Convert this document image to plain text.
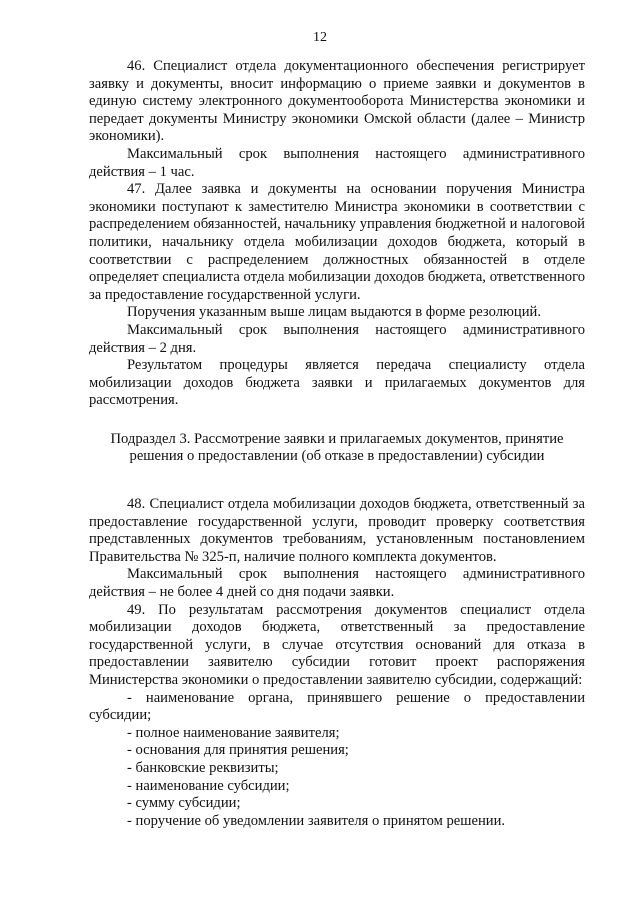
12

46. Специалист отдела документационного обеспечения регистрирует заявку и документы, вносит информацию о приеме заявки и документов в единую систему электронного документооборота Министерства экономики и передает документы Министру экономики Омской области (далее – Министр экономики).

Максимальный срок выполнения настоящего административного действия – 1 час.

47. Далее заявка и документы на основании поручения Министра экономики поступают к заместителю Министра экономики в соответствии с распределением обязанностей, начальнику управления бюджетной и налоговой политики, начальнику отдела мобилизации доходов бюджета, который в соответствии с распределением должностных обязанностей в отделе определяет специалиста отдела мобилизации доходов бюджета, ответственного за предоставление государственной услуги.

Поручения указанным выше лицам выдаются в форме резолюций.

Максимальный срок выполнения настоящего административного действия – 2 дня.

Результатом процедуры является передача специалисту отдела мобилизации доходов бюджета заявки и прилагаемых документов для рассмотрения.

Подраздел 3. Рассмотрение заявки и прилагаемых документов, принятие
решения о предоставлении (об отказе в предоставлении) субсидии

48. Специалист отдела мобилизации доходов бюджета, ответственный за предоставление государственной услуги, проводит проверку соответствия представленных документов требованиям, установленным постановлением Правительства № 325-п, наличие полного комплекта документов.

Максимальный срок выполнения настоящего административного действия – не более 4 дней со дня подачи заявки.

49. По результатам рассмотрения документов специалист отдела мобилизации доходов бюджета, ответственный за предоставление государственной услуги, в случае отсутствия оснований для отказа в предоставлении заявителю субсидии готовит проект распоряжения Министерства экономики о предоставлении заявителю субсидии, содержащий:

- наименование органа, принявшего решение о предоставлении субсидии;
- полное наименование заявителя;
- основания для принятия решения;
- банковские реквизиты;
- наименование субсидии;
- сумму субсидии;
- поручение об уведомлении заявителя о принятом решении.
